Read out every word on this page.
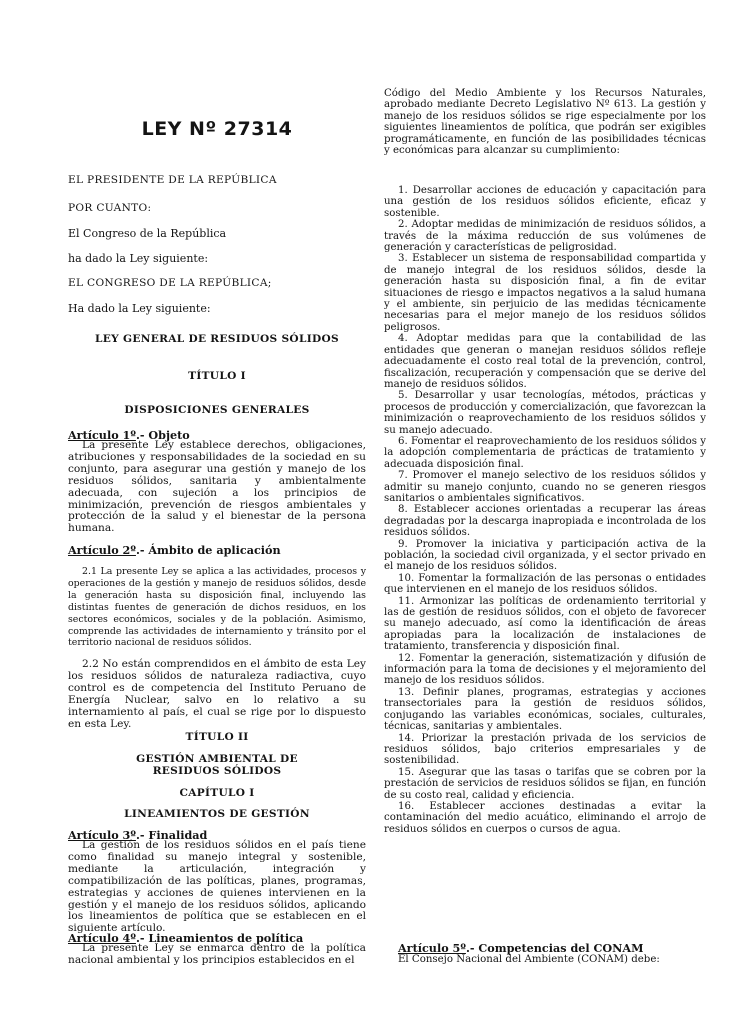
LEY Nº 27314
EL PRESIDENTE DE LA REPÚBLICA
POR CUANTO:
El Congreso de la República
ha dado la Ley siguiente:
EL CONGRESO DE LA REPÚBLICA;
Ha dado la Ley siguiente:
LEY GENERAL DE RESIDUOS SÓLIDOS
TÍTULO I
DISPOSICIONES GENERALES
Artículo 1º.- Objeto

La presente Ley establece derechos, obligaciones, atribuciones y responsabilidades de la sociedad en su conjunto, para asegurar una gestión y manejo de los residuos sólidos, sanitaria y ambientalmente adecuada, con sujeción a los principios de minimización, prevención de riesgos ambientales y protección de la salud y el bienestar de la persona humana.

Artículo 2º.- Ámbito de aplicación

2.1 La presente Ley se aplica a las actividades, procesos y operaciones de la gestión y manejo de residuos sólidos, desde la generación hasta su disposición final, incluyendo las distintas fuentes de generación de dichos residuos, en los sectores económicos, sociales y de la población. Asimismo, comprende las actividades de internamiento y tránsito por el territorio nacional de residuos sólidos.

2.2 No están comprendidos en el ámbito de esta Ley los residuos sólidos de naturaleza radiactiva, cuyo control es de competencia del Instituto Peruano de Energía Nuclear, salvo en lo relativo a su internamiento al país, el cual se rige por lo dispuesto en esta Ley.

TÍTULO II
GESTIÓN AMBIENTAL DE RESIDUOS SÓLIDOS
CAPÍTULO I
LINEAMIENTOS DE GESTIÓN
Artículo 3º.- Finalidad

La gestión de los residuos sólidos en el país tiene como finalidad su manejo integral y sostenible, mediante la articulación, integración y compatibilización de las políticas, planes, programas, estrategias y acciones de quienes intervienen en la gestión y el manejo de los residuos sólidos, aplicando los lineamientos de política que se establecen en el siguiente artículo.

Artículo 4º.- Lineamientos de política

La presente Ley se enmarca dentro de la política nacional ambiental y los principios establecidos en el

Código del Medio Ambiente y los Recursos Naturales, aprobado mediante Decreto Legislativo Nº 613. La gestión y manejo de los residuos sólidos se rige especialmente por los siguientes lineamientos de política, que podrán ser exigibles programáticamente, en función de las posibilidades técnicas y económicas para alcanzar su cumplimiento:

1. Desarrollar acciones de educación y capacitación para una gestión de los residuos sólidos eficiente, eficaz y sostenible.

2. Adoptar medidas de minimización de residuos sólidos, a través de la máxima reducción de sus volúmenes de generación y características de peligrosidad.

3. Establecer un sistema de responsabilidad compartida y de manejo integral de los residuos sólidos, desde la generación hasta su disposición final, a fin de evitar situaciones de riesgo e impactos negativos a la salud humana y el ambiente, sin perjuicio de las medidas técnicamente necesarias para el mejor manejo de los residuos sólidos peligrosos.

4. Adoptar medidas para que la contabilidad de las entidades que generan o manejan residuos sólidos refleje adecuadamente el costo real total de la prevención, control, fiscalización, recuperación y compensación que se derive del manejo de residuos sólidos.

5. Desarrollar y usar tecnologías, métodos, prácticas y procesos de producción y comercialización, que favorezcan la minimización o reaprovechamiento de los residuos sólidos y su manejo adecuado.

6. Fomentar el reaprovechamiento de los residuos sólidos y la adopción complementaria de prácticas de tratamiento y adecuada disposición final.

7. Promover el manejo selectivo de los residuos sólidos y admitir su manejo conjunto, cuando no se generen riesgos sanitarios o ambientales significativos.

8. Establecer acciones orientadas a recuperar las áreas degradadas por la descarga inapropiada e incontrolada de los residuos sólidos.

9. Promover la iniciativa y participación activa de la población, la sociedad civil organizada, y el sector privado en el manejo de los residuos sólidos.

10. Fomentar la formalización de las personas o entidades que intervienen en el manejo de los residuos sólidos.

11. Armonizar las políticas de ordenamiento territorial y las de gestión de residuos sólidos, con el objeto de favorecer su manejo adecuado, así como la identificación de áreas apropiadas para la localización de instalaciones de tratamiento, transferencia y disposición final.

12. Fomentar la generación, sistematización y difusión de información para la toma de decisiones y el mejoramiento del manejo de los residuos sólidos.

13. Definir planes, programas, estrategias y acciones transectoriales para la gestión de residuos sólidos, conjugando las variables económicas, sociales, culturales, técnicas, sanitarias y ambientales.

14. Priorizar la prestación privada de los servicios de residuos sólidos, bajo criterios empresariales y de sostenibilidad.

15. Asegurar que las tasas o tarifas que se cobren por la prestación de servicios de residuos sólidos se fijan, en función de su costo real, calidad y eficiencia.

16. Establecer acciones destinadas a evitar la contaminación del medio acuático, eliminando el arrojo de residuos sólidos en cuerpos o cursos de agua.

Artículo 5º.- Competencias del CONAM

El Consejo Nacional del Ambiente (CONAM) debe:
